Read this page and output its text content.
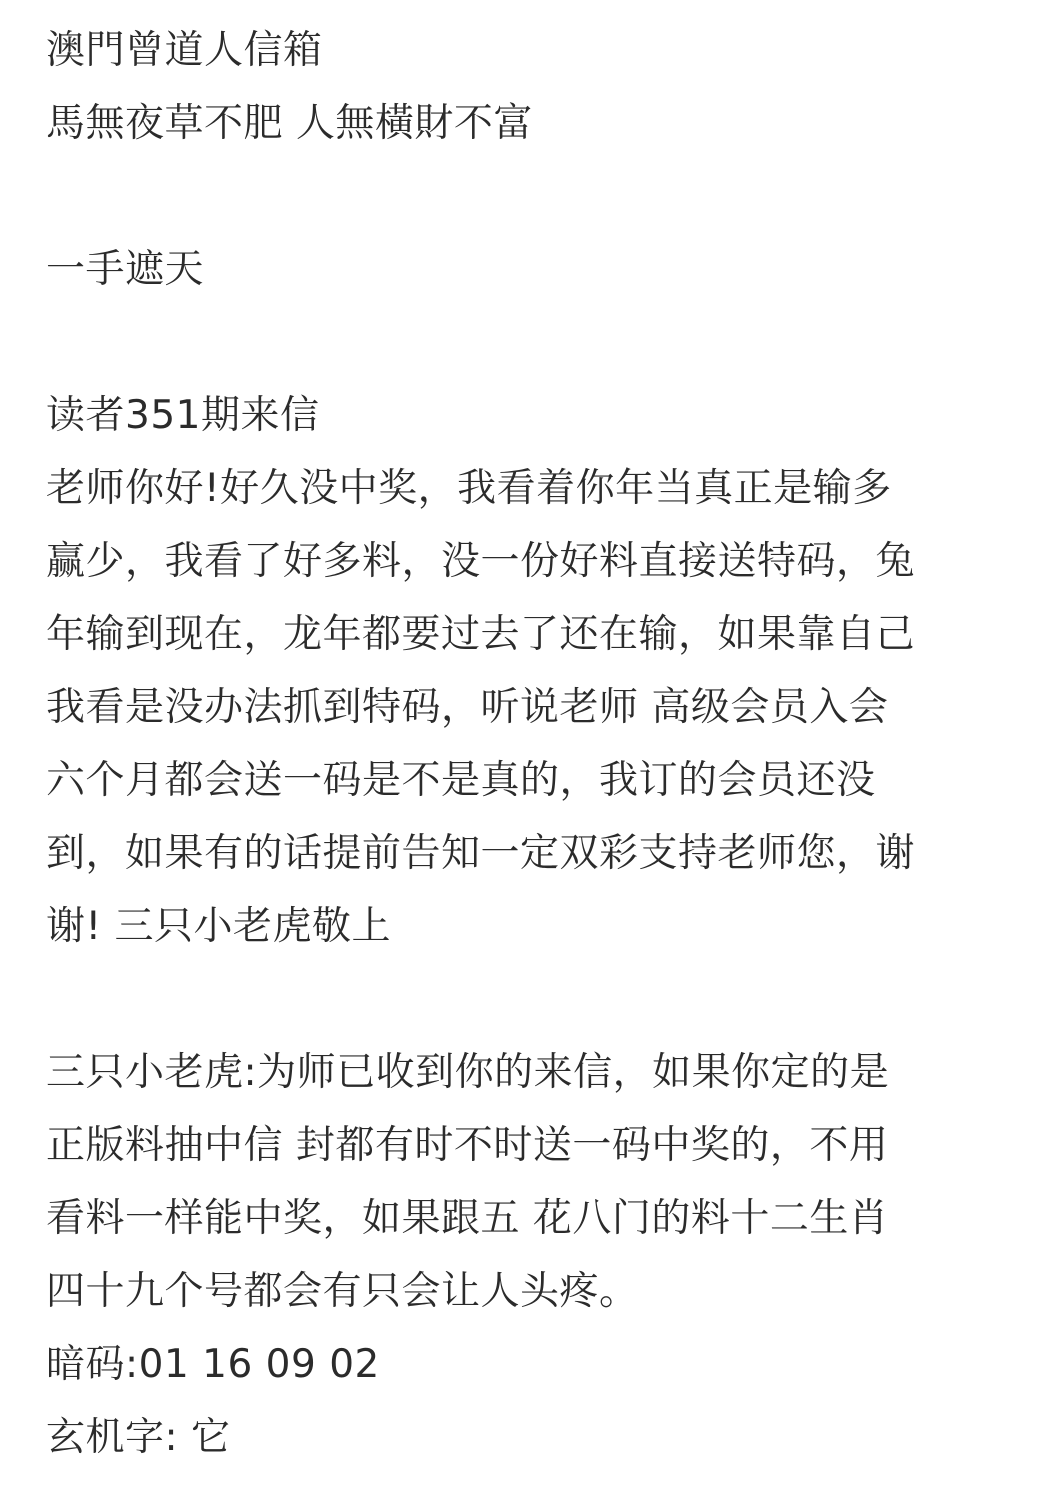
澳門曾道人信箱
馬無夜草不肥 人無橫財不富
一手遮天
读者351期来信
老师你好!好久没中奖，我看着你年当真正是输多
赢少，我看了好多料，没一份好料直接送特码，兔
年输到现在，龙年都要过去了还在输，如果靠自己
我看是没办法抓到特码，听说老师 高级会员入会
六个月都会送一码是不是真的，我订的会员还没
到，如果有的话提前告知一定双彩支持老师您，谢
谢! 三只小老虎敬上
三只小老虎:为师已收到你的来信，如果你定的是
正版料抽中信 封都有时不时送一码中奖的，不用
看料一样能中奖，如果跟五 花八门的料十二生肖
四十九个号都会有只会让人头疼。
暗码:01 16 09 02
玄机字: 它
